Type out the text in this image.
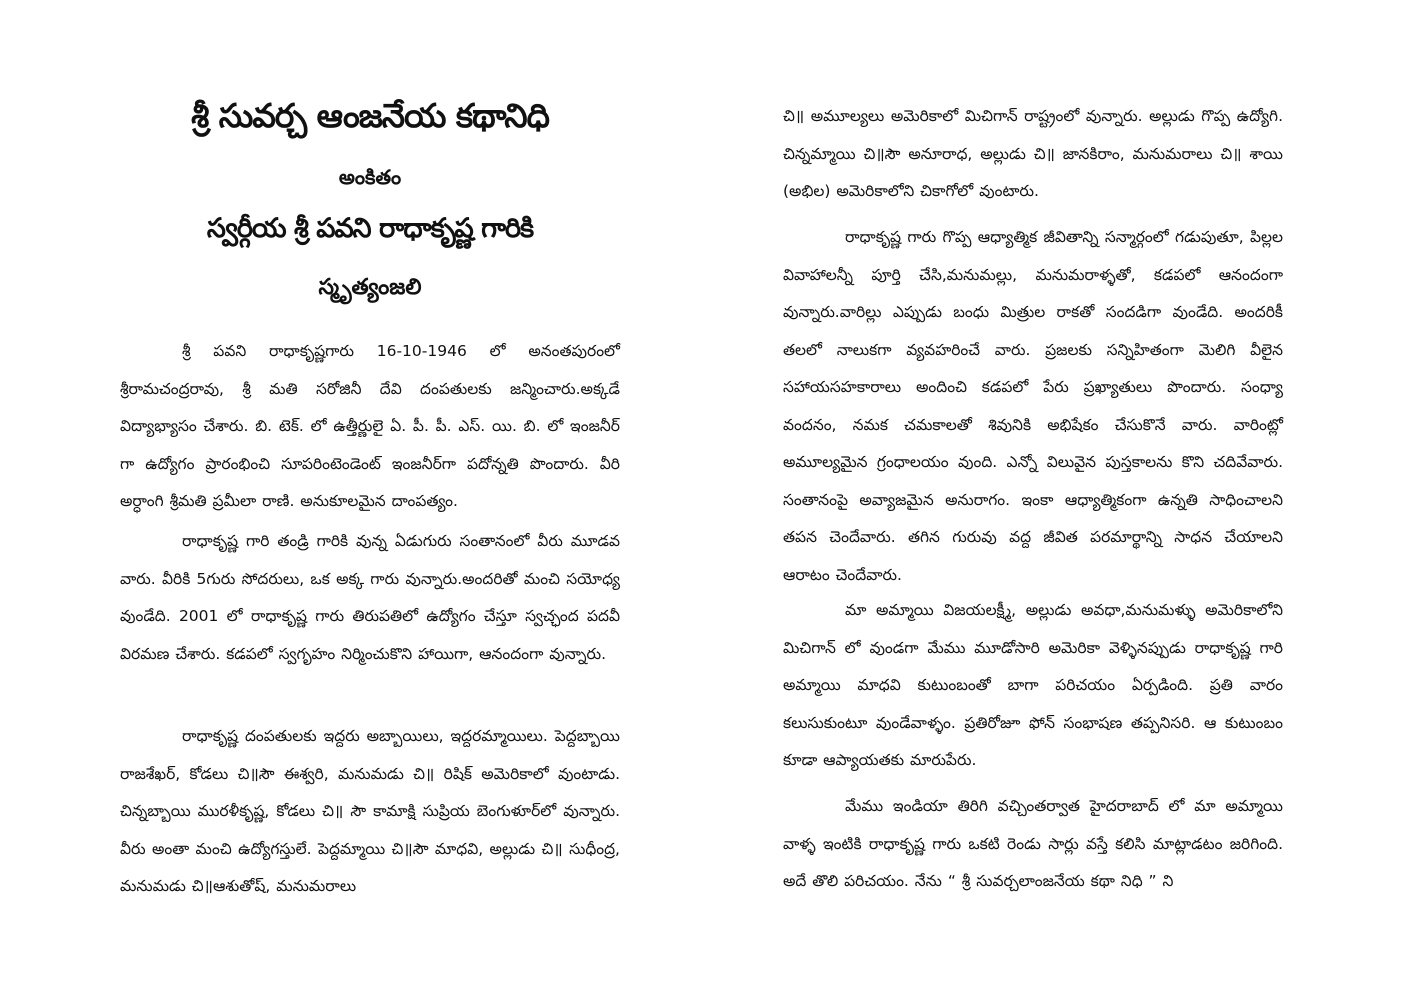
శ్రీ సువర్చ ఆంజనేయ కథానిధి
అంకితం
స్వర్గీయ శ్రీ పవని రాధాకృష్ణ గారికి
స్మృత్యంజలి

శ్రీ పవని రాధాకృష్ణగారు 16-10-1946 లో అనంతపురంలో శ్రీరామచంద్రరావు, శ్రీ మతి సరోజినీ దేవి దంపతులకు జన్మించారు.అక్కడే విద్యాభ్యాసం చేశారు. బి. టెక్. లో ఉత్తీర్ణులై ఏ. పీ. పీ. ఎస్. యి. బి. లో ఇంజనీర్ గా ఉద్యోగం ప్రారంభించి సూపరింటెండెంట్ ఇంజనీర్‌గా పదోన్నతి పొందారు. వీరి అర్ధాంగి శ్రీమతి ప్రమీలా రాణి. అనుకూలమైన దాంపత్యం.

రాధాకృష్ణ గారి తండ్రి గారికి వున్న ఏడుగురు సంతానంలో వీరు మూడవ వారు. వీరికి 5గురు సోదరులు, ఒక అక్క గారు వున్నారు.అందరితో మంచి సయోధ్య వుండేది. 2001 లో రాధాకృష్ణ గారు తిరుపతిలో ఉద్యోగం చేస్తూ స్వచ్ఛంద పదవీ విరమణ చేశారు. కడపలో స్వగృహం నిర్మించుకొని హాయిగా, ఆనందంగా వున్నారు.

రాధాకృష్ణ దంపతులకు ఇద్దరు అబ్బాయిలు, ఇద్దరమ్మాయిలు. పెద్దబ్బాయి రాజశేఖర్, కోడలు చి॥సౌ ఈశ్వరి, మనుమడు చి॥ రిషిక్ అమెరికాలో వుంటాడు. చిన్నబ్బాయి మురళీకృష్ణ, కోడలు చి॥ సౌ కామాక్షి సుప్రియ బెంగుళూర్‌లో వున్నారు. వీరు అంతా మంచి ఉద్యోగస్తులే. పెద్దమ్మాయి చి॥సౌ మాధవి, అల్లుడు చి॥ సుధీంద్ర, మనుమడు చి॥ఆశుతోష్, మనుమరాలు

చి॥ అమూల్యలు అమెరికాలో మిచిగాన్ రాష్ట్రంలో వున్నారు. అల్లుడు గొప్ప ఉద్యోగి. చిన్నమ్మాయి చి॥సౌ అనూరాధ, అల్లుడు చి॥ జానకిరాం, మనుమరాలు చి॥ శాయి (అభిల) అమెరికాలోని చికాగోలో వుంటారు.

రాధాకృష్ణ గారు గొప్ప ఆధ్యాత్మిక జీవితాన్ని సన్మార్గంలో గడుపుతూ, పిల్లల వివాహాలన్నీ పూర్తి చేసి,మనుమల్లు, మనుమరాళ్ళతో, కడపలో ఆనందంగా వున్నారు.వారిల్లు ఎప్పుడు బంధు మిత్రుల రాకతో సందడిగా వుండేది. అందరికీ తలలో నాలుకగా వ్యవహరించే వారు. ప్రజలకు సన్నిహితంగా మెలిగి వీలైన సహాయసహకారాలు అందించి కడపలో పేరు ప్రఖ్యాతులు పొందారు. సంధ్యా వందనం, నమక చమకాలతో శివునికి అభిషేకం చేసుకొనే వారు. వారింట్లో అమూల్యమైన గ్రంధాలయం వుంది. ఎన్నో విలువైన పుస్తకాలను కొని చదివేవారు. సంతానంపై అవ్యాజమైన అనురాగం. ఇంకా ఆధ్యాత్మికంగా ఉన్నతి సాధించాలని తపన చెందేవారు. తగిన గురువు వద్ద జీవిత పరమార్థాన్ని సాధన చేయాలని ఆరాటం చెందేవారు.

మా అమ్మాయి విజయలక్ష్మీ, అల్లుడు అవధా,మనుమళ్ళు అమెరికాలోని మిచిగాన్ లో వుండగా మేము మూడోసారి అమెరికా వెళ్ళినప్పుడు రాధాకృష్ణ గారి అమ్మాయి మాధవి కుటుంబంతో బాగా పరిచయం ఏర్పడింది. ప్రతి వారం కలుసుకుంటూ వుండేవాళ్ళం. ప్రతిరోజూ ఫోన్ సంభాషణ తప్పనిసరి. ఆ కుటుంబం కూడా ఆప్యాయతకు మారుపేరు.

మేము ఇండియా తిరిగి వచ్చింతర్వాత హైదరాబాద్ లో మా అమ్మాయి వాళ్ళ ఇంటికి రాధాకృష్ణ గారు ఒకటి రెండు సార్లు వస్తే కలిసి మాట్లాడటం జరిగింది. అదే తొలి పరిచయం. నేను “ శ్రీ సువర్చలాంజనేయ కథా నిధి ” ని
